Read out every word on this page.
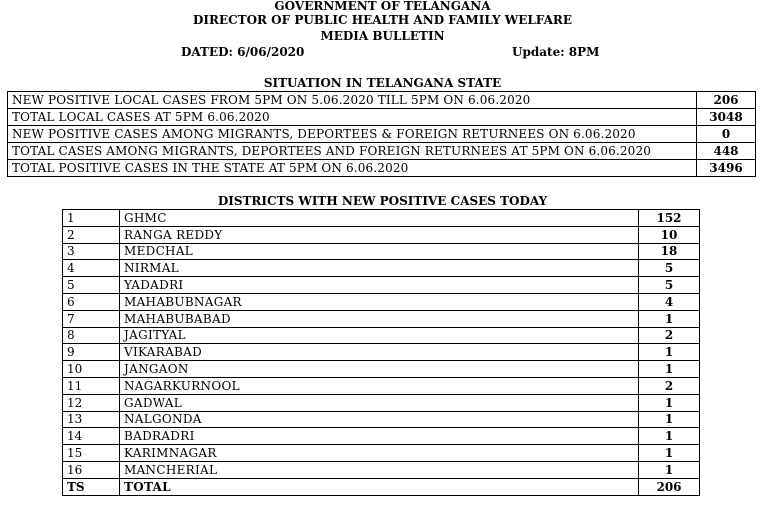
GOVERNMENT OF TELANGANA
DIRECTOR OF PUBLIC HEALTH AND FAMILY WELFARE
MEDIA BULLETIN
DATED: 6/06/2020	Update: 8PM
SITUATION IN TELANGANA STATE
NEW POSITIVE LOCAL CASES FROM 5PM ON 5.06.2020 TILL 5PM ON 6.06.2020	206
TOTAL LOCAL CASES AT 5PM 6.06.2020	3048
NEW POSITIVE CASES AMONG MIGRANTS, DEPORTEES & FOREIGN RETURNEES ON 6.06.2020	0
TOTAL CASES AMONG MIGRANTS, DEPORTEES AND FOREIGN RETURNEES AT 5PM ON 6.06.2020	448
TOTAL POSITIVE CASES IN THE STATE AT 5PM ON 6.06.2020	3496
DISTRICTS WITH NEW POSITIVE CASES TODAY
1	GHMC	152
2	RANGA REDDY	10
3	MEDCHAL	18
4	NIRMAL	5
5	YADADRI	5
6	MAHABUBNAGAR	4
7	MAHABUBABAD	1
8	JAGITYAL	2
9	VIKARABAD	1
10	JANGAON	1
11	NAGARKURNOOL	2
12	GADWAL	1
13	NALGONDA	1
14	BADRADRI	1
15	KARIMNAGAR	1
16	MANCHERIAL	1
TS	TOTAL	206
